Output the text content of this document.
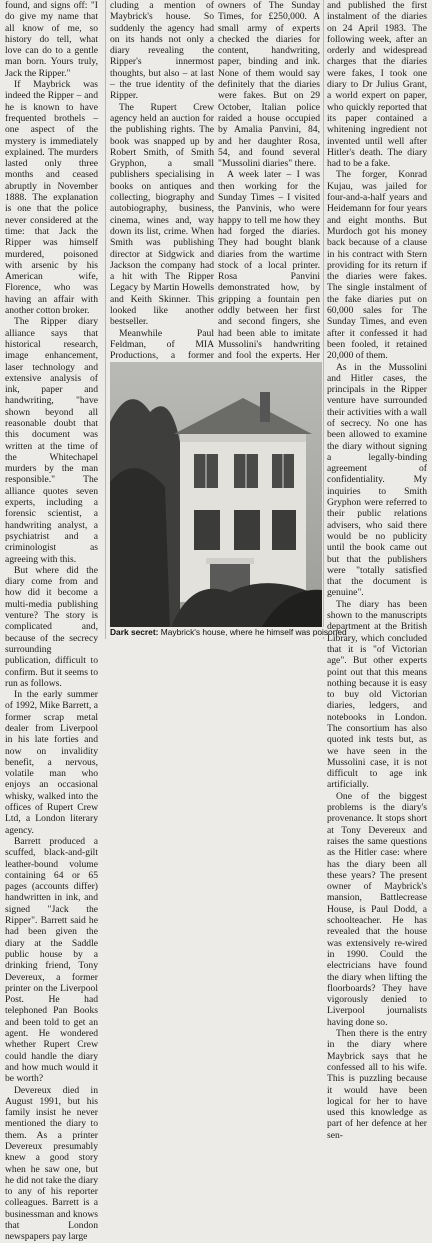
found, and signs off: "I do give my name that all know of me, so history do tell, what love can do to a gentle man born. Yours truly, Jack the Ripper."

If Maybrick was indeed the Ripper – and he is known to have frequented brothels – one aspect of the mystery is immediately explained. The murders lasted only three months and ceased abruptly in November 1888. The explanation is one that the police never considered at the time: that Jack the Ripper was himself murdered, poisoned with arsenic by his American wife, Florence, who was having an affair with another cotton broker.

The Ripper diary alliance says that historical research, image enhancement, laser technology and extensive analysis of ink, paper and handwriting, "have shown beyond all reasonable doubt that this document was written at the time of the Whitechapel murders by the man responsible." The alliance quotes seven experts, including a forensic scientist, a handwriting analyst, a psychiatrist and a criminologist as agreeing with this.

But where did the diary come from and how did it become a multi-media publishing venture? The story is complicated and, because of the secrecy surrounding publication, difficult to confirm. But it seems to run as follows.

In the early summer of 1992, Mike Barrett, a former scrap metal dealer from Liverpool in his late forties and now on invalidity benefit, a nervous, volatile man who enjoys an occasional whisky, walked into the offices of Rupert Crew Ltd, a London literary agency.

Barrett produced a scuffed, black-and-gilt leather-bound volume containing 64 or 65 pages (accounts differ) handwritten in ink, and signed "Jack the Ripper". Barrett said he had been given the diary at the Saddle public house by a drinking friend, Tony Devereux, a former printer on the Liverpool Post. He had telephoned Pan Books and been told to get an agent. He wondered whether Rupert Crew could handle the diary and how much would it be worth?

Devereux died in August 1991, but his family insist he never mentioned the diary to them. As a printer Devereux presumably knew a good story when he saw one, but he did not take the diary to any of his reporter colleagues. Barrett is a businessman and knows that London newspapers pay large

cluding a mention of Maybrick's house. So suddenly the agency had on its hands not only a diary revealing the Ripper's innermost thoughts, but also – at last – the true identity of the Ripper.

The Rupert Crew agency held an auction for the publishing rights. The book was snapped up by Robert Smith, of Smith Gryphon, a small publishers specialising in books on antiques and collecting, biography and autobiography, business, cinema, wines and, way down its list, crime. When Smith was publishing director at Sidgwick and Jackson the company had a hit with The Ripper Legacy by Martin Howells and Keith Skinner. This looked like another bestseller.

Meanwhile Paul Feldman, of MIA Productions, a former

owners of The Sunday Times, for £250,000. A small army of experts checked the diaries for content, handwriting, paper, binding and ink. None of them would say definitely that the diaries were fakes. But on 29 October, Italian police raided a house occupied by Amalia Panvini, 84, and her daughter Rosa, 54, and found several "Mussolini diaries" there.

A week later – I was then working for the Sunday Times – I visited the Panvinis, who were happy to tell me how they had forged the diaries. They had bought blank diaries from the wartime stock of a local printer. Rosa Panvini demonstrated how, by gripping a fountain pen oddly between her first and second fingers, she had been able to imitate Mussolini's handwriting and fool the experts. Her

and published the first instalment of the diaries on 24 April 1983. The following week, after an orderly and widespread charges that the diaries were fakes, I took one diary to Dr Julius Grant, a world expert on paper, who quickly reported that its paper contained a whitening ingredient not invented until well after Hitler's death. The diary had to be a fake.

The forger, Konrad Kujau, was jailed for four-and-a-half years and Heidemann for four years and eight months. But Murdoch got his money back because of a clause in his contract with Stern providing for its return if the diaries were fakes. The single instalment of the fake diaries put on 60,000 sales for The Sunday Times, and even after it confessed it had been fooled, it retained 20,000 of them.

As in the Mussolini and Hitler cases, the principals in the Ripper venture have surrounded their activities with a wall of secrecy. No one has been allowed to examine the diary without signing a legally-binding agreement of confidentiality. My inquiries to Smith Gryphon were referred to their public relations advisers, who said there would be no publicity until the book came out but that the publishers were "totally satisfied that the document is genuine".

The diary has been shown to the manuscripts department at the British Library, which concluded that it is "of Victorian age". But other experts point out that this means nothing because it is easy to buy old Victorian diaries, ledgers, and notebooks in London. The consortium has also quoted ink tests but, as we have seen in the Mussolini case, it is not difficult to age ink artificially.

One of the biggest problems is the diary's provenance. It stops short at Tony Devereux and raises the same questions as the Hitler case: where has the diary been all these years? The present owner of Maybrick's mansion, Battlecrease House, is Paul Dodd, a schoolteacher. He has revealed that the house was extensively re-wired in 1990. Could the electricians have found the diary when lifting the floorboards? They have vigorously denied to Liverpool journalists having done so.

Then there is the entry in the diary where Maybrick says that he confessed all to his wife. This is puzzling because it would have been logical for her to have used this knowledge as part of her defence at her sen-

Dark secret: Maybrick's house, where he himself was poisoned
